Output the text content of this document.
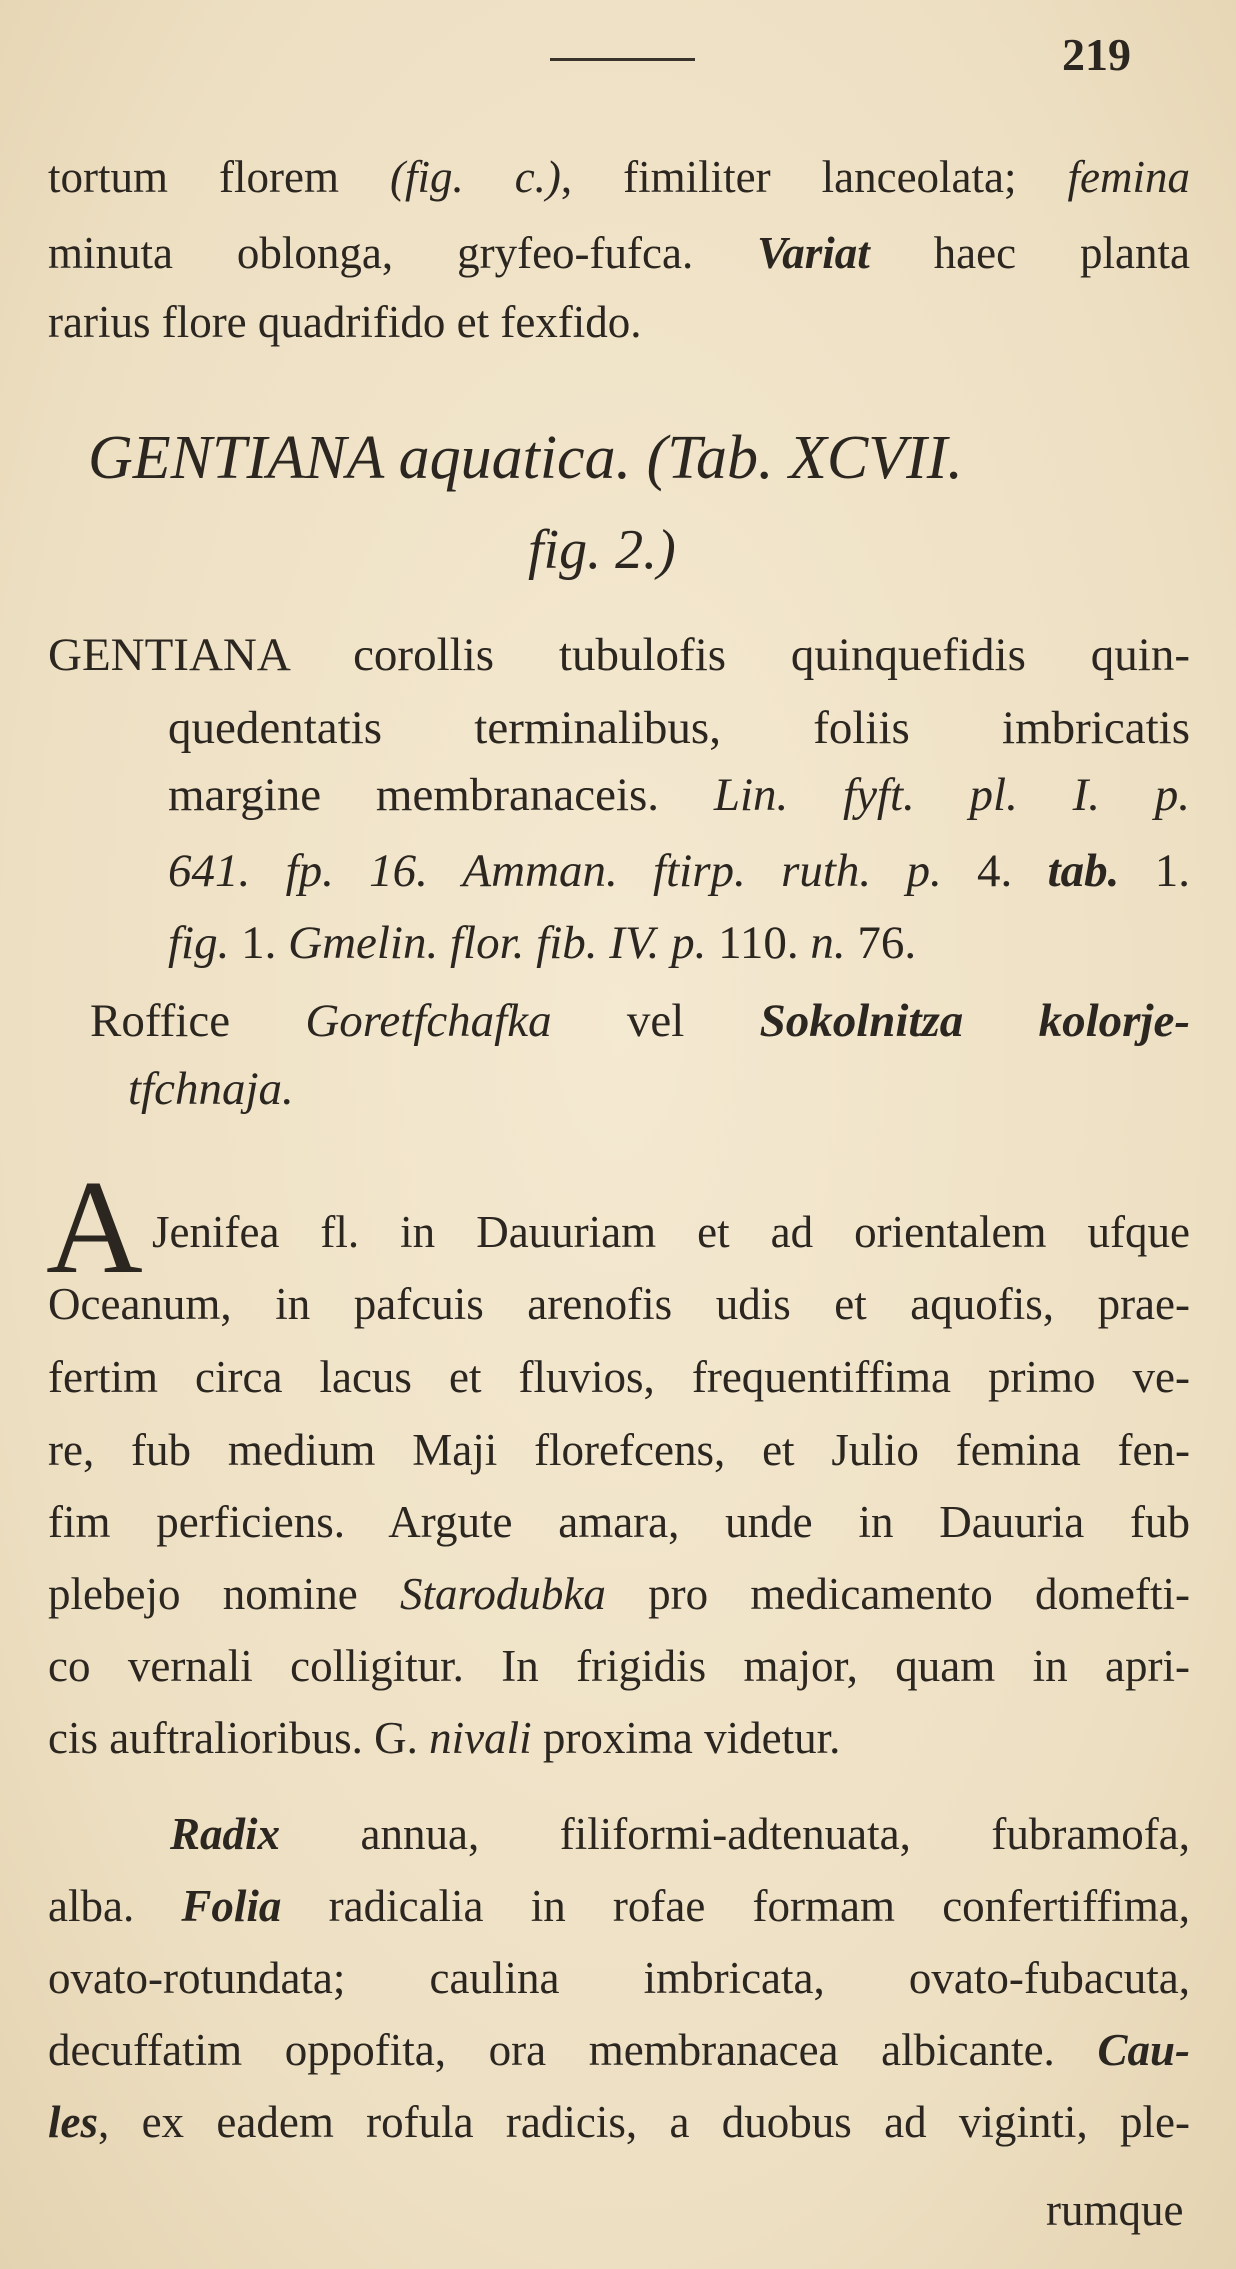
219
tortum florem (fig. c.), fimiliter lanceolata; femina
minuta oblonga, gryfeo-fufca. Variat haec planta
rarius flore quadrifido et fexfido.
GENTIANA aquatica. (Tab. XCVII.
fig. 2.)
GENTIANA corollis tubulofis quinquefidis quin-
quedentatis terminalibus, foliis imbricatis
margine membranaceis. Lin. fyft. pl. I. p.
641. fp. 16. Amman. ftirp. ruth. p. 4. tab. 1.
fig. 1. Gmelin. flor. fib. IV. p. 110. n. 76.
Roffice Goretfchafka vel Sokolnitza kolorje-
tfchnaja.
A Jenifea fl. in Dauuriam et ad orientalem ufque
Oceanum, in pafcuis arenofis udis et aquofis, prae-
fertim circa lacus et fluvios, frequentiffima primo ve-
re, fub medium Maji florefcens, et Julio femina fen-
fim perficiens. Argute amara, unde in Dauuria fub
plebejo nomine Starodubka pro medicamento domefti-
co vernali colligitur. In frigidis major, quam in apri-
cis auftralioribus. G. nivali proxima videtur.
Radix annua, filiformi-adtenuata, fubramofa,
alba. Folia radicalia in rofae formam confertiffima,
ovato-rotundata; caulina imbricata, ovato-fubacuta,
decuffatim oppofita, ora membranacea albicante. Cau-
les, ex eadem rofula radicis, a duobus ad viginti, ple-
rumque
